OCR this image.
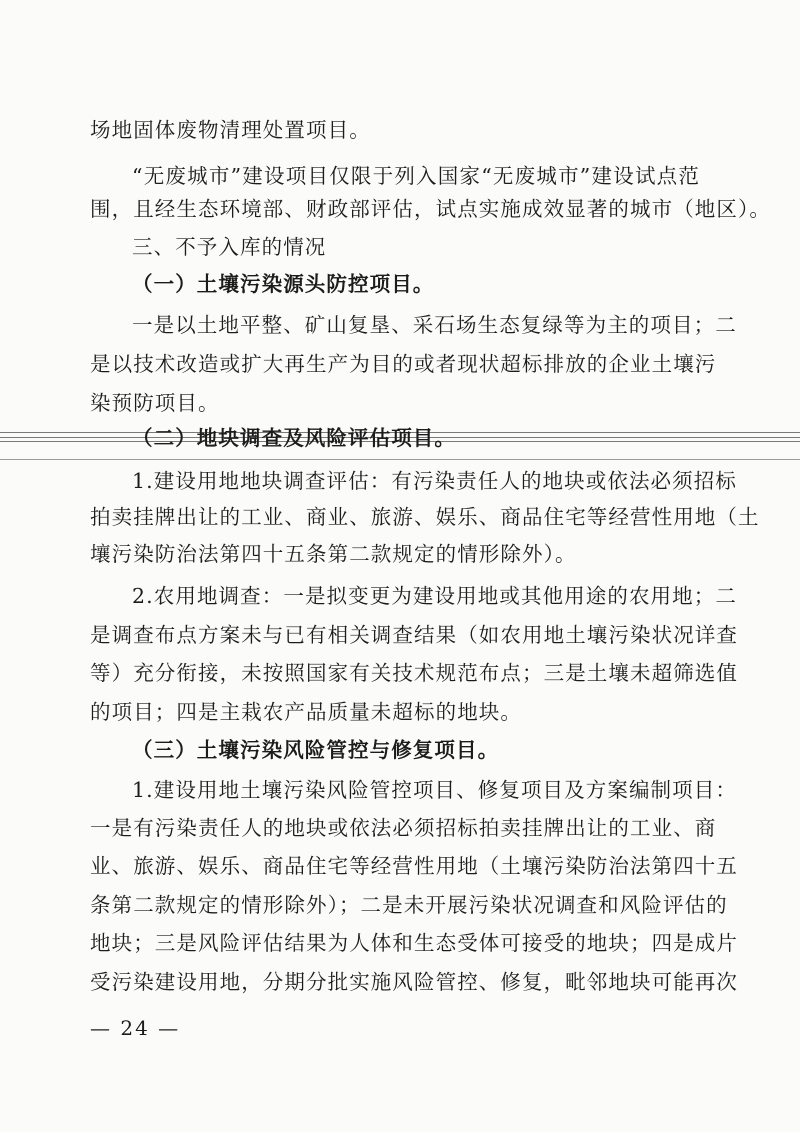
场地固体废物清理处置项目。
“无废城市”建设项目仅限于列入国家“无废城市”建设试点范
围，且经生态环境部、财政部评估，试点实施成效显著的城市（地区）。
三、不予入库的情况
（一）土壤污染源头防控项目。
一是以土地平整、矿山复垦、采石场生态复绿等为主的项目；二
是以技术改造或扩大再生产为目的或者现状超标排放的企业土壤污
染预防项目。
（二）地块调查及风险评估项目。
1.建设用地地块调查评估：有污染责任人的地块或依法必须招标
拍卖挂牌出让的工业、商业、旅游、娱乐、商品住宅等经营性用地（土
壤污染防治法第四十五条第二款规定的情形除外）。
2.农用地调查：一是拟变更为建设用地或其他用途的农用地；二
是调查布点方案未与已有相关调查结果（如农用地土壤污染状况详查
等）充分衔接，未按照国家有关技术规范布点；三是土壤未超筛选值
的项目；四是主栽农产品质量未超标的地块。
（三）土壤污染风险管控与修复项目。
1.建设用地土壤污染风险管控项目、修复项目及方案编制项目：
一是有污染责任人的地块或依法必须招标拍卖挂牌出让的工业、商
业、旅游、娱乐、商品住宅等经营性用地（土壤污染防治法第四十五
条第二款规定的情形除外）；二是未开展污染状况调查和风险评估的
地块；三是风险评估结果为人体和生态受体可接受的地块；四是成片
受污染建设用地，分期分批实施风险管控、修复，毗邻地块可能再次
— 24 —
